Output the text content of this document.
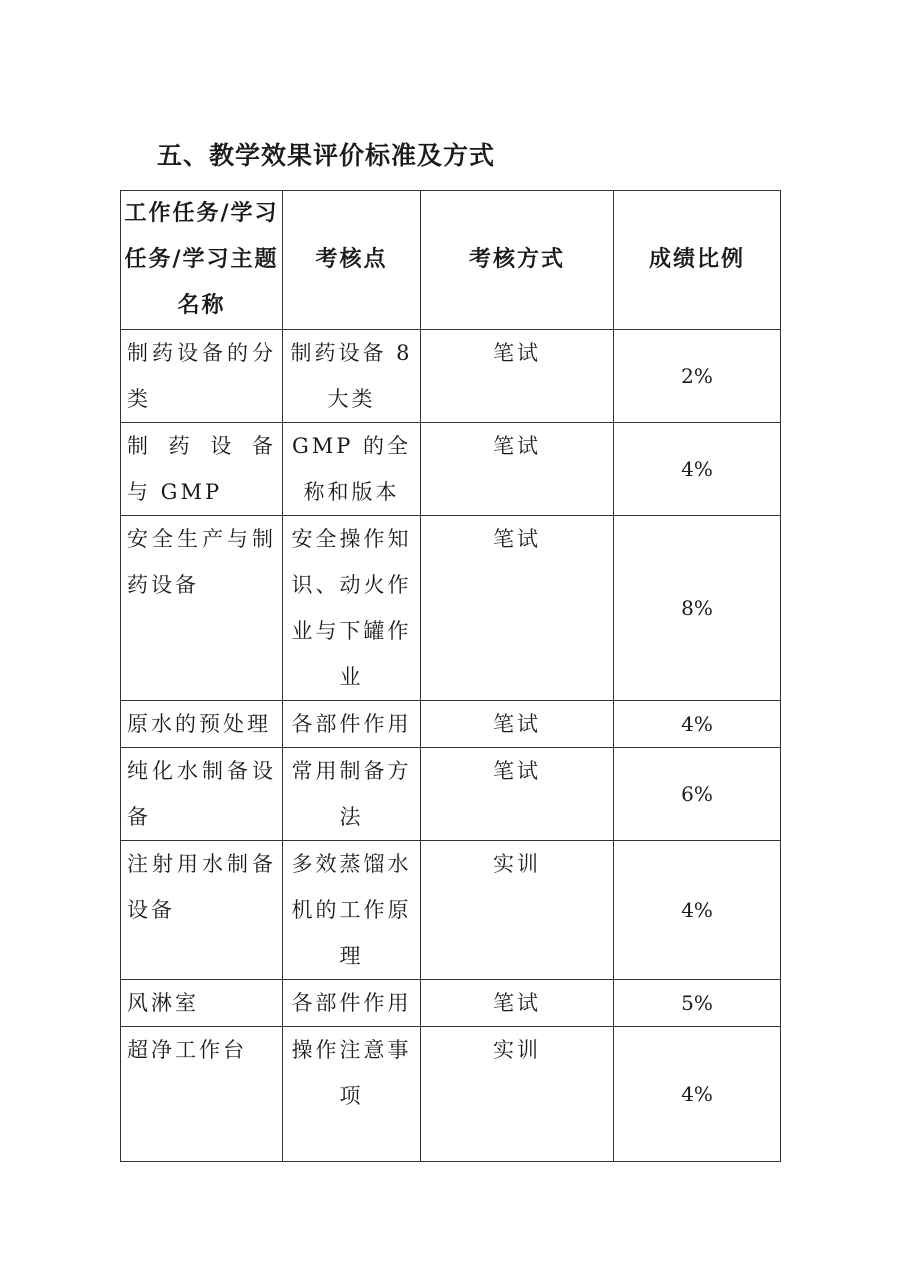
五、教学效果评价标准及方式
工作任务/学习任务/学习主题名称	考核点	考核方式	成绩比例

制药设备的分类	制药设备 8 大类	笔试	2%

制 药 设 备 与 GMP	GMP 的全称和版本	笔试	4%

安全生产与制药设备	安全操作知识、动火作业与下罐作业	笔试	8%

原水的预处理	各部件作用	笔试	4%

纯化水制备设备	常用制备方法	笔试	6%

注射用水制备设备	多效蒸馏水机的工作原理	实训	4%

风淋室	各部件作用	笔试	5%

超净工作台	操作注意事项	实训	4%
